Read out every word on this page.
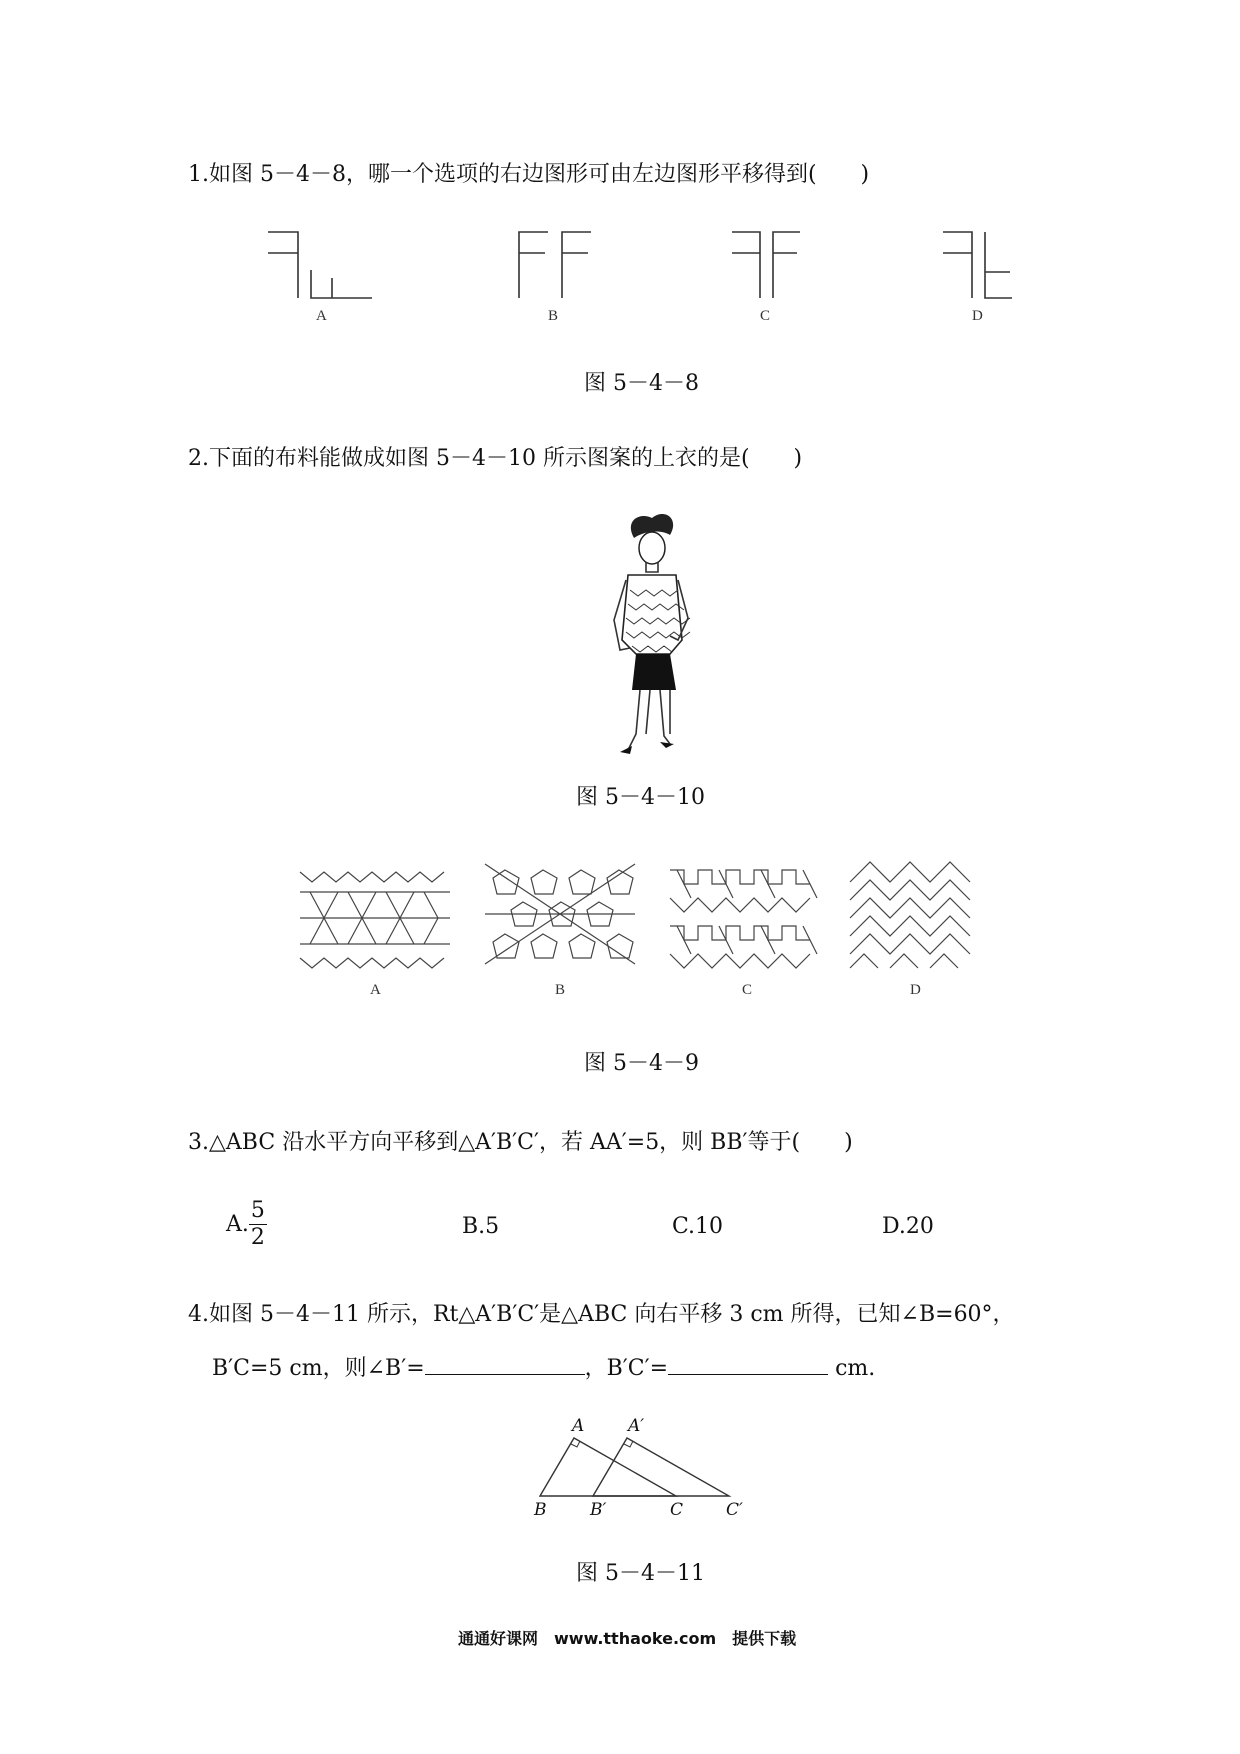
1.如图 5－4－8，哪一个选项的右边图形可由左边图形平移得到(　　)
A	B	C	D
图 5－4－8
2.下面的布料能做成如图 5－4－10 所示图案的上衣的是(　　)
图 5－4－10
A	B	C	D
图 5－4－9
3.△ABC 沿水平方向平移到△A′B′C′，若 AA′=5，则 BB′等于(　　)
A. $\frac{5}{2}$	B.5	C.10	D.20
4.如图 5－4－11 所示，Rt△A′B′C′是△ABC 向右平移 3 cm 所得，已知∠B=60°，
B′C=5 cm，则∠B′=	，B′C′=	cm.
A	A′
B	B′	C	C′
图 5－4－11
通通好课网　www.tthaoke.com　提供下载
